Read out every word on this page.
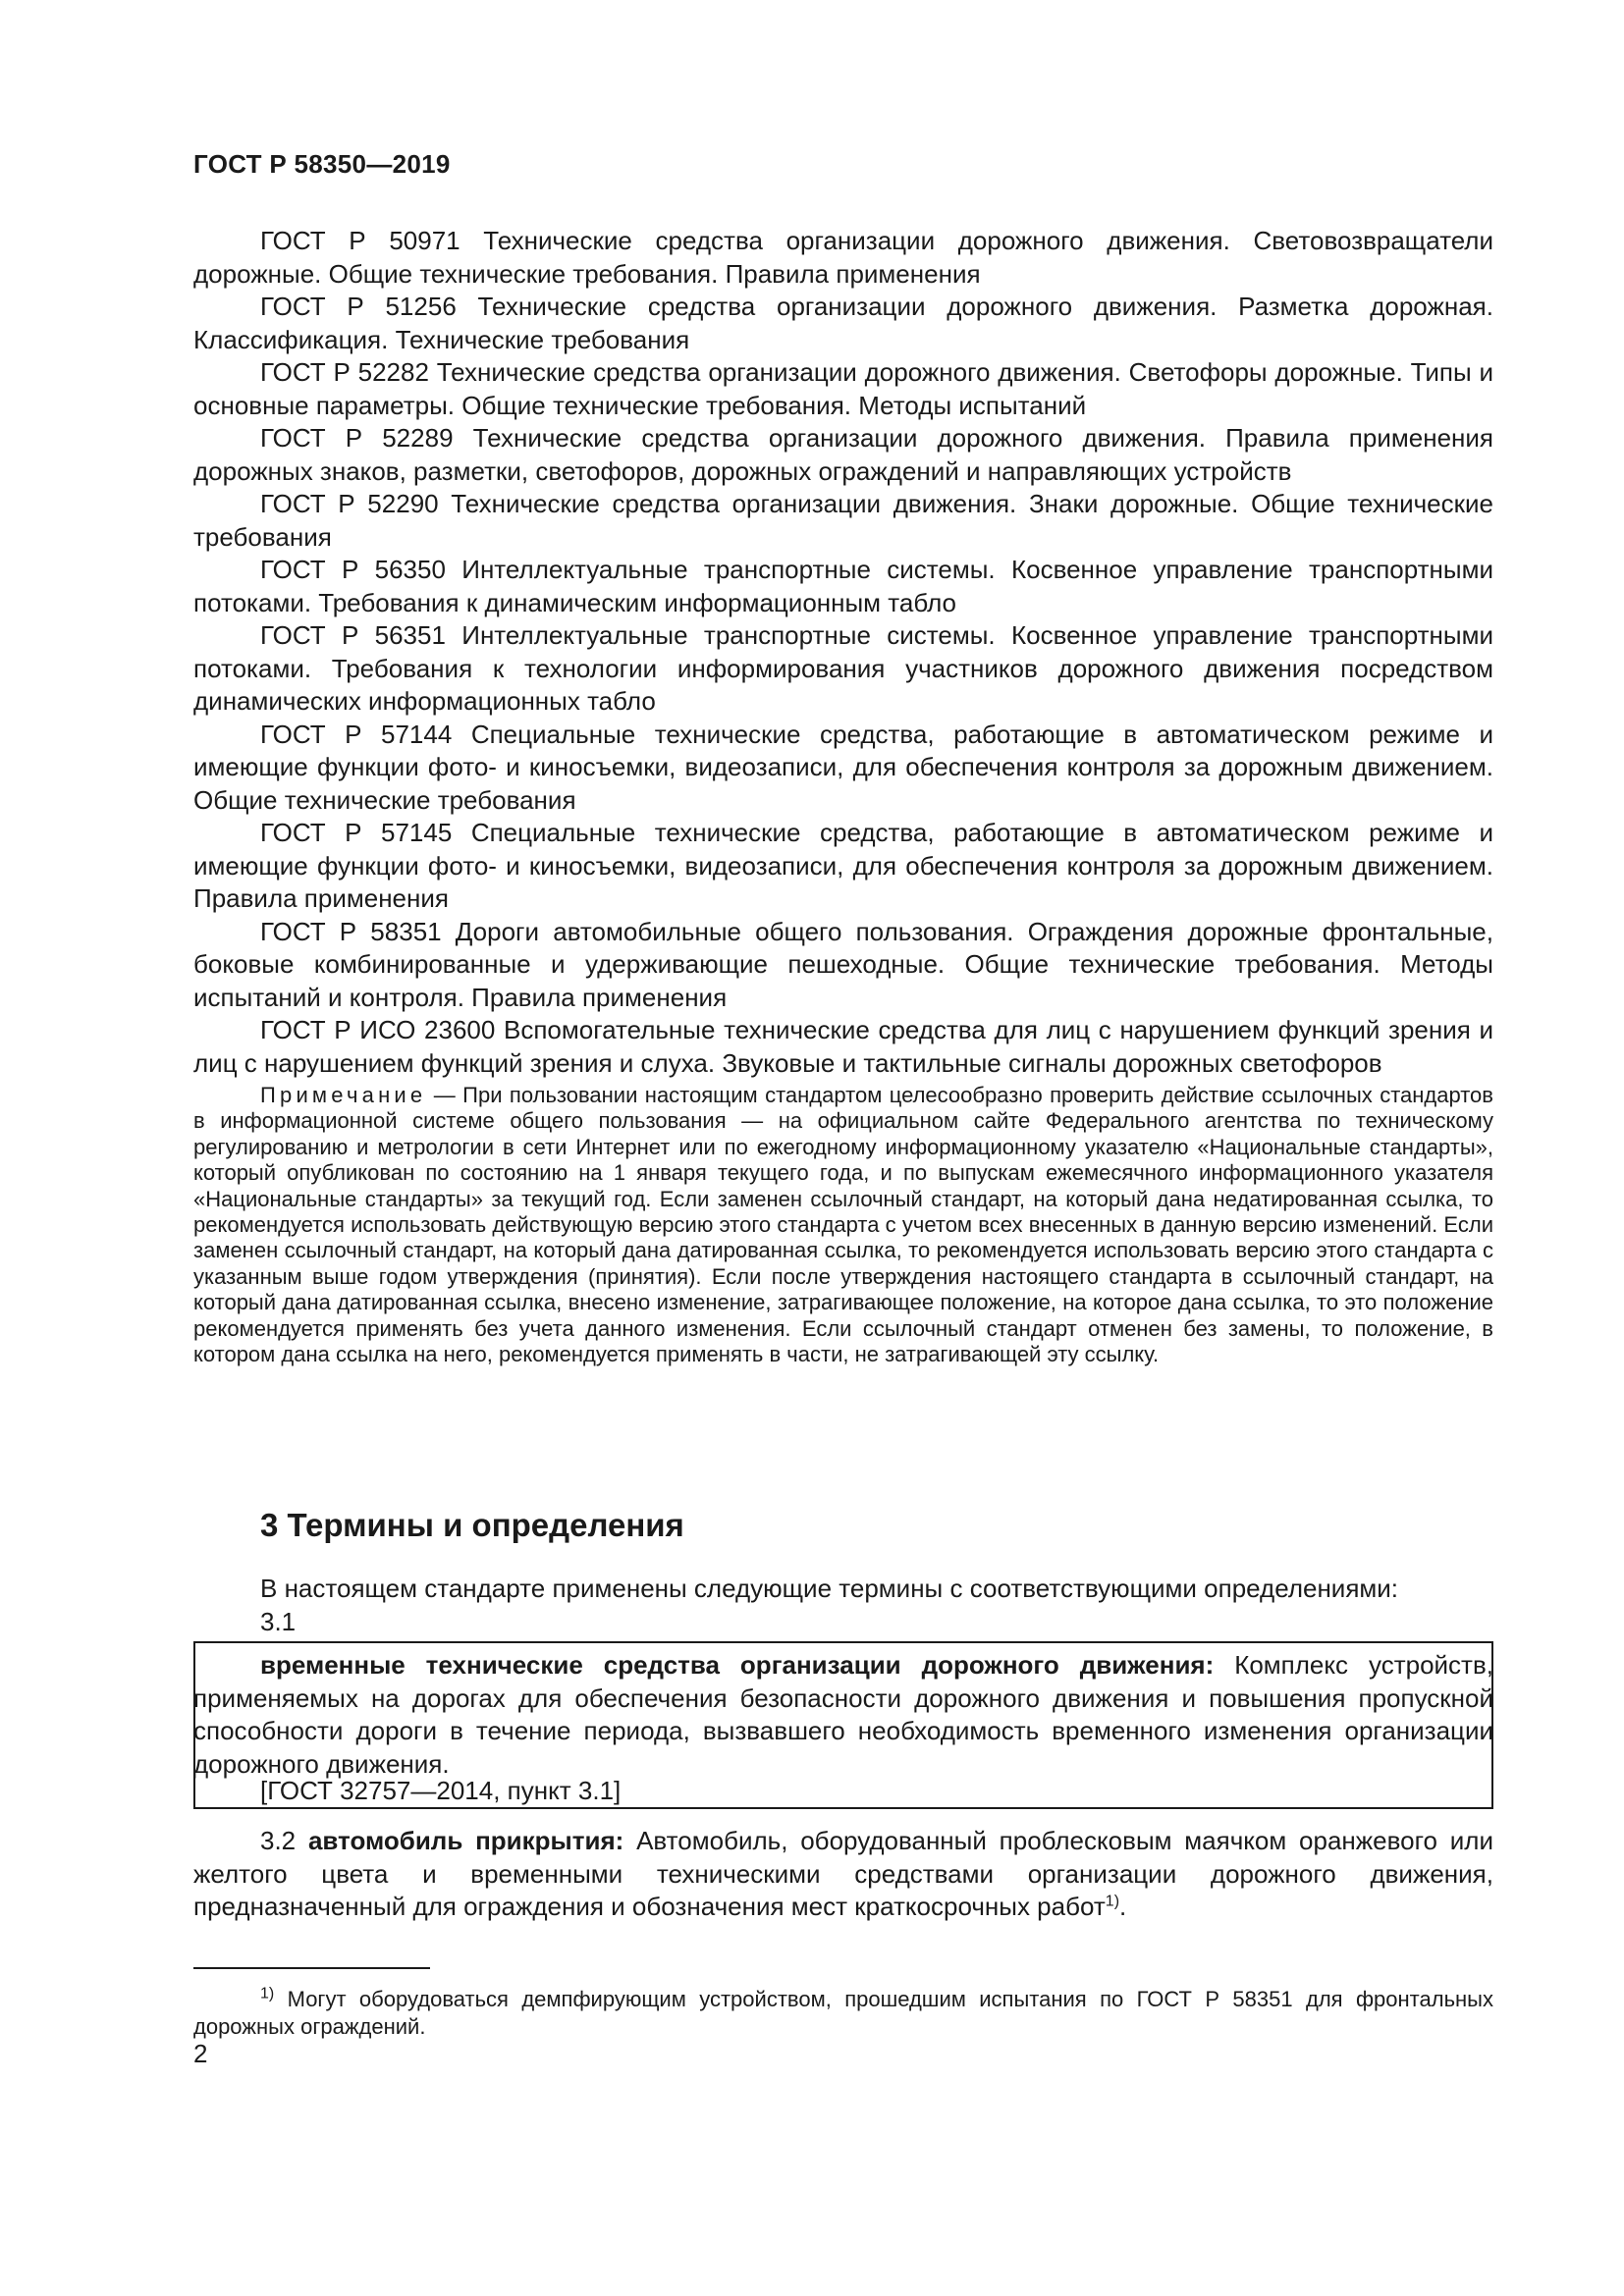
ГОСТ Р 58350—2019

ГОСТ Р 50971 Технические средства организации дорожного движения. Световозвращатели дорожные. Общие технические требования. Правила применения

ГОСТ Р 51256 Технические средства организации дорожного движения. Разметка дорожная. Классификация. Технические требования

ГОСТ Р 52282 Технические средства организации дорожного движения. Светофоры дорожные. Типы и основные параметры. Общие технические требования. Методы испытаний

ГОСТ Р 52289 Технические средства организации дорожного движения. Правила применения дорожных знаков, разметки, светофоров, дорожных ограждений и направляющих устройств

ГОСТ Р 52290 Технические средства организации движения. Знаки дорожные. Общие технические требования

ГОСТ Р 56350 Интеллектуальные транспортные системы. Косвенное управление транспортными потоками. Требования к динамическим информационным табло

ГОСТ Р 56351 Интеллектуальные транспортные системы. Косвенное управление транспортными потоками. Требования к технологии информирования участников дорожного движения посредством динамических информационных табло

ГОСТ Р 57144 Специальные технические средства, работающие в автоматическом режиме и имеющие функции фото- и киносъемки, видеозаписи, для обеспечения контроля за дорожным движением. Общие технические требования

ГОСТ Р 57145 Специальные технические средства, работающие в автоматическом режиме и имеющие функции фото- и киносъемки, видеозаписи, для обеспечения контроля за дорожным движением. Правила применения

ГОСТ Р 58351 Дороги автомобильные общего пользования. Ограждения дорожные фронтальные, боковые комбинированные и удерживающие пешеходные. Общие технические требования. Методы испытаний и контроля. Правила применения

ГОСТ Р ИСО 23600 Вспомогательные технические средства для лиц с нарушением функций зрения и лиц с нарушением функций зрения и слуха. Звуковые и тактильные сигналы дорожных светофоров

Примечание — При пользовании настоящим стандартом целесообразно проверить действие ссылочных стандартов в информационной системе общего пользования — на официальном сайте Федерального агентства по техническому регулированию и метрологии в сети Интернет или по ежегодному информационному указателю «Национальные стандарты», который опубликован по состоянию на 1 января текущего года, и по выпускам ежемесячного информационного указателя «Национальные стандарты» за текущий год. Если заменен ссылочный стандарт, на который дана недатированная ссылка, то рекомендуется использовать действующую версию этого стандарта с учетом всех внесенных в данную версию изменений. Если заменен ссылочный стандарт, на который дана датированная ссылка, то рекомендуется использовать версию этого стандарта с указанным выше годом утверждения (принятия). Если после утверждения настоящего стандарта в ссылочный стандарт, на который дана датированная ссылка, внесено изменение, затрагивающее положение, на которое дана ссылка, то это положение рекомендуется применять без учета данного изменения. Если ссылочный стандарт отменен без замены, то положение, в котором дана ссылка на него, рекомендуется применять в части, не затрагивающей эту ссылку.

3 Термины и определения

В настоящем стандарте применены следующие термины с соответствующими определениями:

3.1

временные технические средства организации дорожного движения: Комплекс устройств, применяемых на дорогах для обеспечения безопасности дорожного движения и повышения пропускной способности дороги в течение периода, вызвавшего необходимость временного изменения организации дорожного движения.

[ГОСТ 32757—2014, пункт 3.1]

3.2 автомобиль прикрытия: Автомобиль, оборудованный проблесковым маячком оранжевого или желтого цвета и временными техническими средствами организации дорожного движения, предназначенный для ограждения и обозначения мест краткосрочных работ$^{1)}$.

$^{1)}$ Могут оборудоваться демпфирующим устройством, прошедшим испытания по ГОСТ Р 58351 для фронтальных дорожных ограждений.

2
